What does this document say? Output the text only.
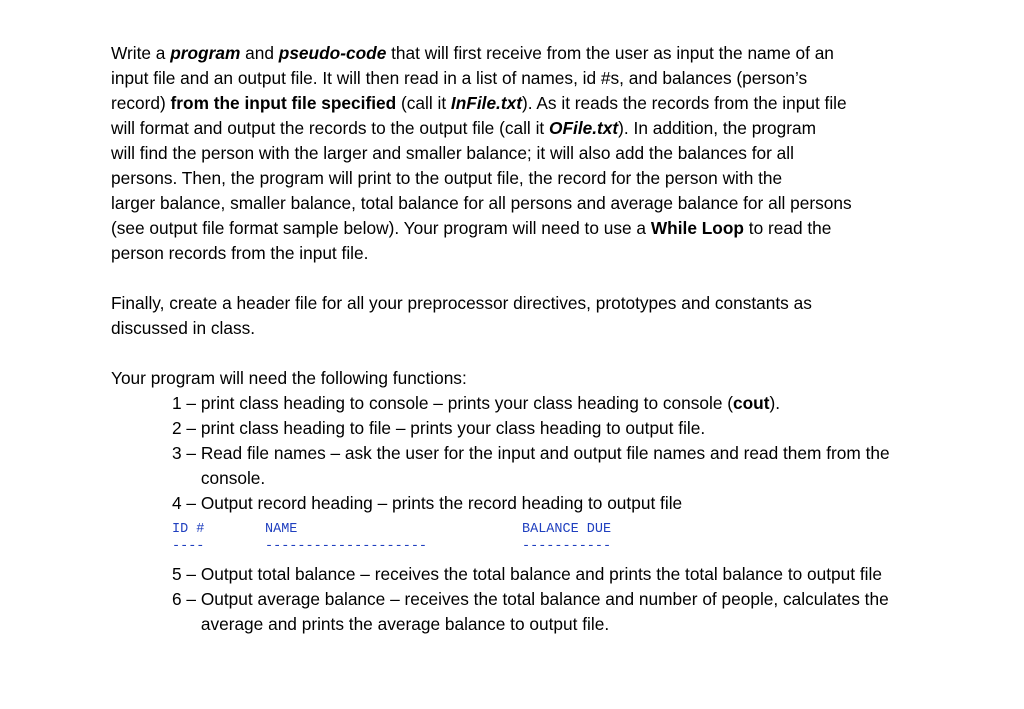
Write a program and pseudo-code that will first receive from the user as input the name of an

input file and an output file. It will then read in a list of names, id #s, and balances (person’s

record) from the input file specified (call it InFile.txt). As it reads the records from the input file

will format and output the records to the output file (call it OFile.txt). In addition, the program

will find the person with the larger and smaller balance; it will also add the balances for all

persons. Then, the program will print to the output file, the record for the person with the

larger balance, smaller balance, total balance for all persons and average balance for all persons

(see output file format sample below). Your program will need to use a While Loop to read the

person records from the input file.

Finally, create a header file for all your preprocessor directives, prototypes and constants as

discussed in class.

Your program will need the following functions:

1 – print class heading to console – prints your class heading to console (cout).
2 – print class heading to file – prints your class heading to output file.
3 – Read file names – ask the user for the input and output file names and read them from the console.
4 – Output record heading – prints the record heading to output file
ID #	NAME	BALANCE DUE
----	--------------------	-----------
5 – Output total balance – receives the total balance and prints the total balance to output file
6 – Output average balance – receives the total balance and number of people, calculates the average and prints the average balance to output file.
